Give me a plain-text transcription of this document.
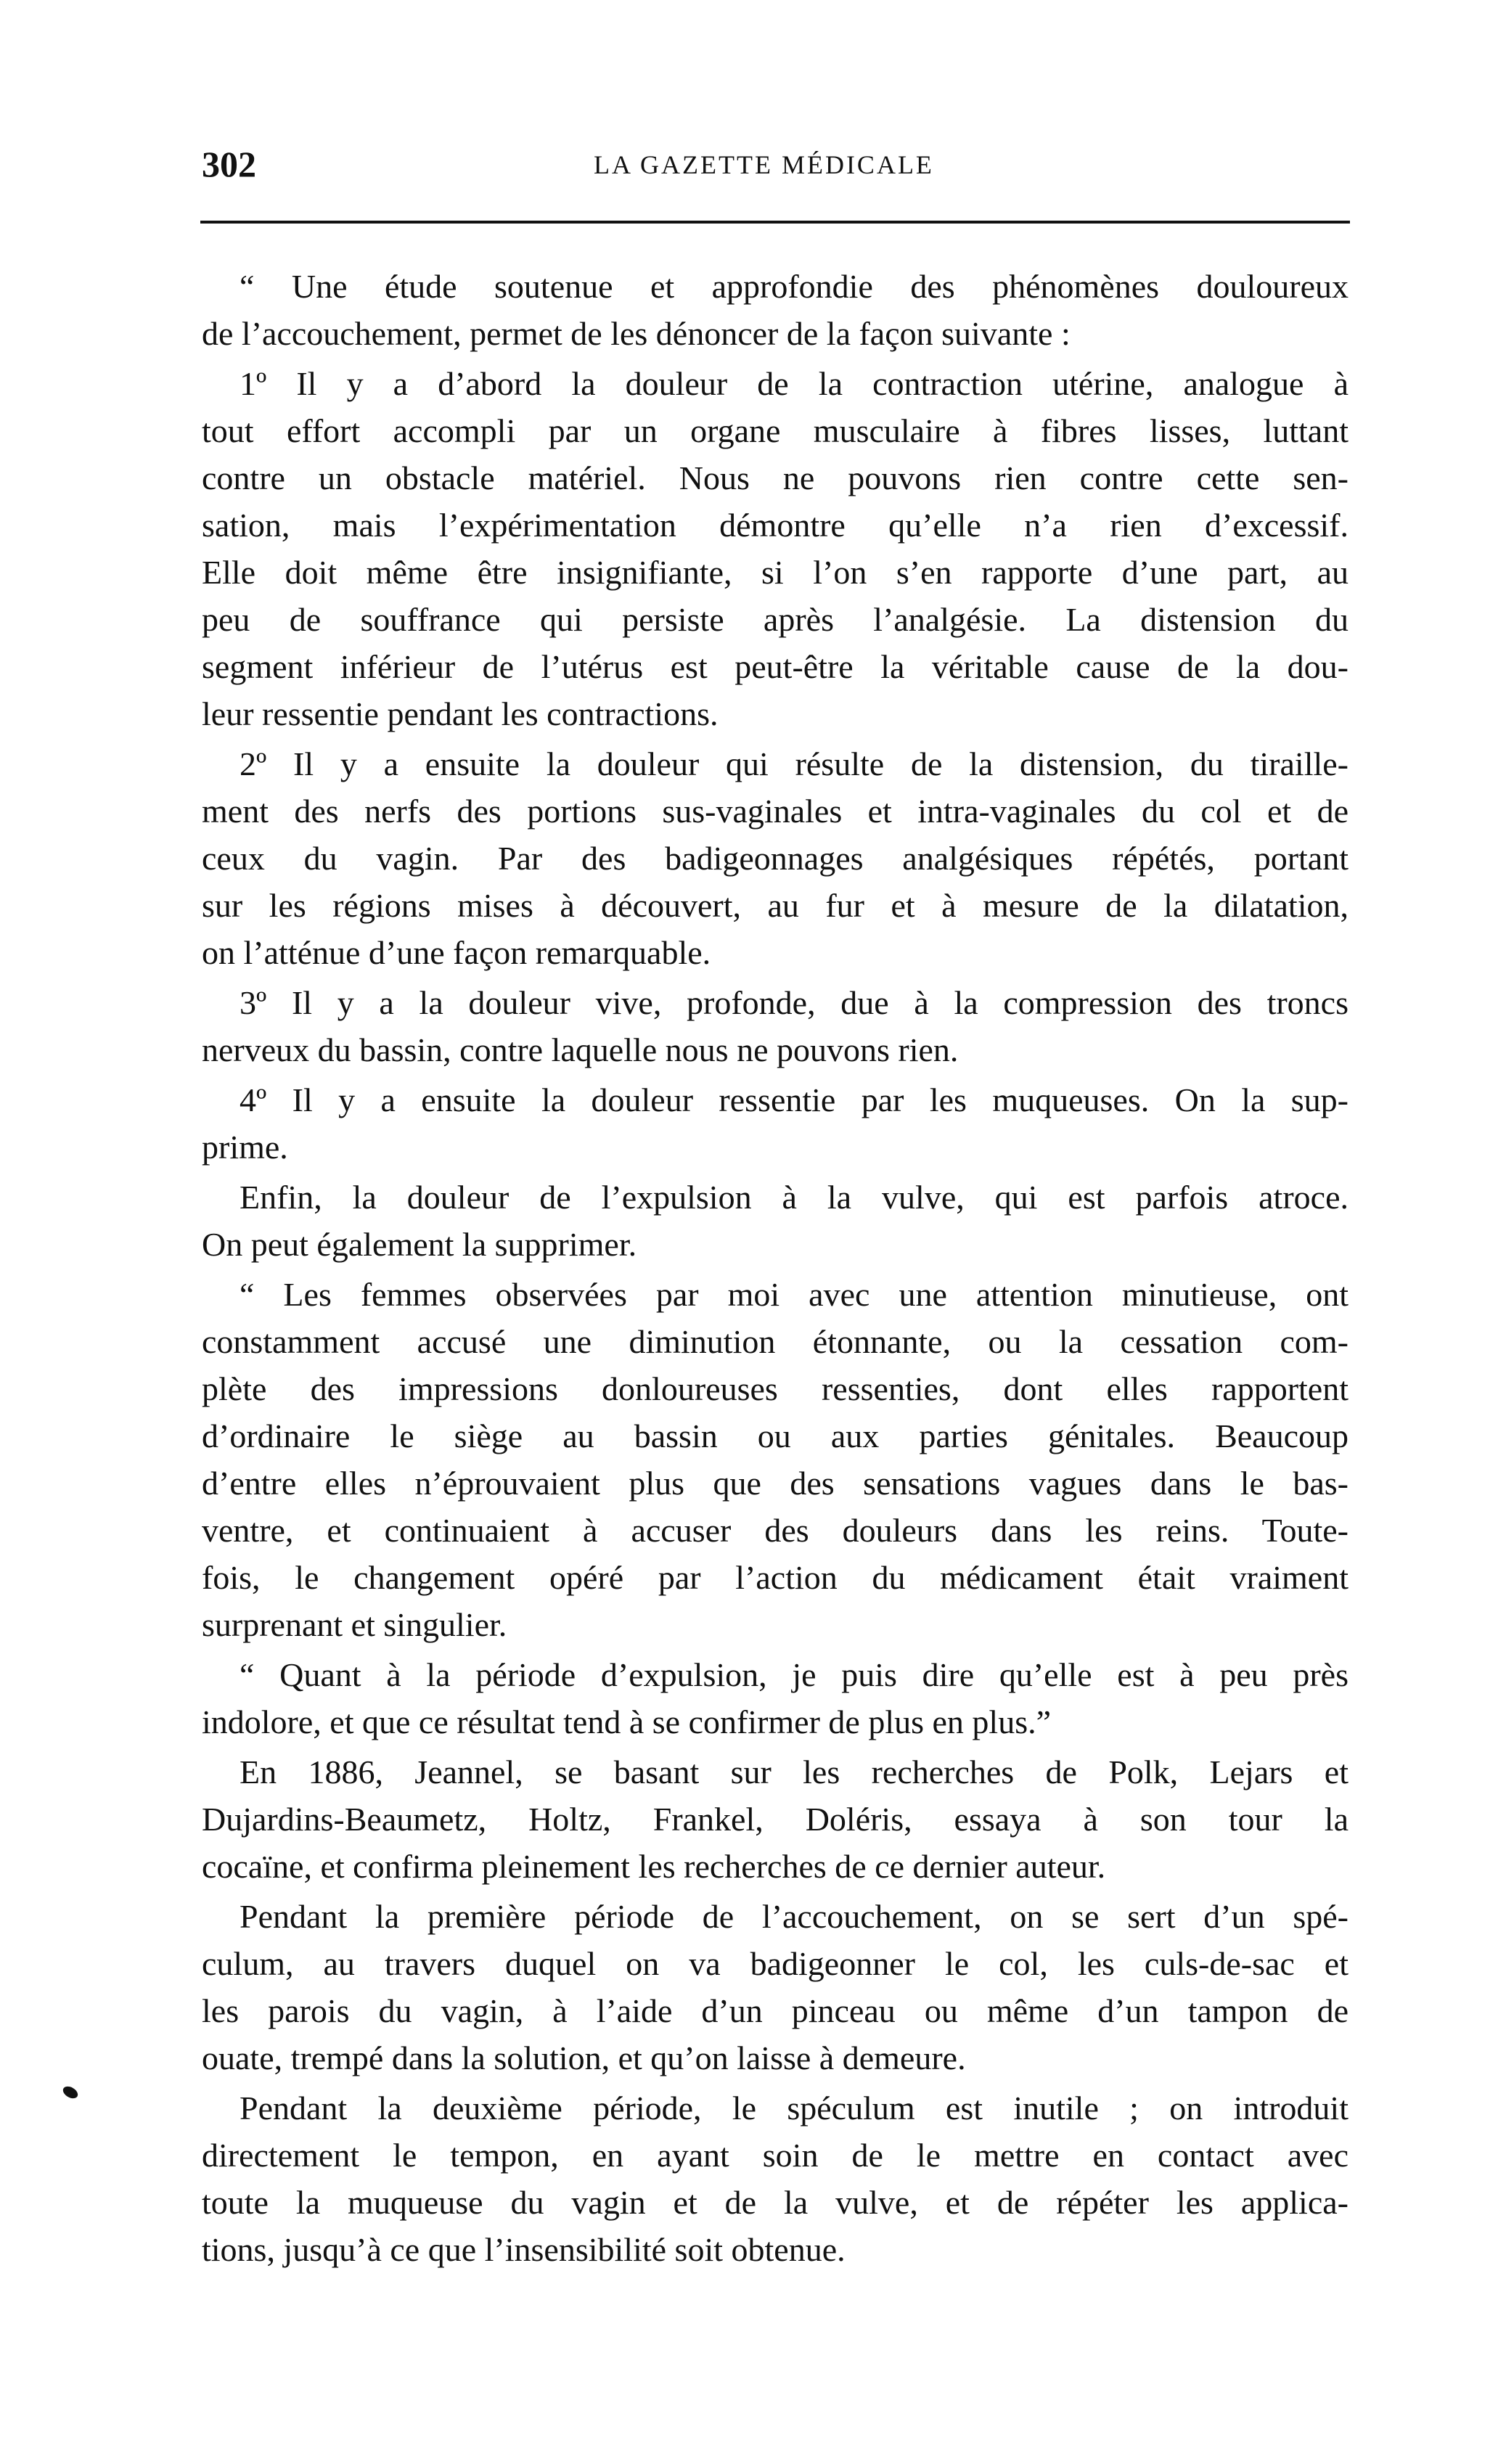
302	LA GAZETTE MÉDICALE
“ Une étude soutenue et approfondie des phénomènes douloureux
de l’accouchement, permet de les dénoncer de la façon suivante :
1º Il y a d’abord la douleur de la contraction utérine, analogue à
tout effort accompli par un organe musculaire à fibres lisses, luttant
contre un obstacle matériel. Nous ne pouvons rien contre cette sen-
sation, mais l’expérimentation démontre qu’elle n’a rien d’excessif.
Elle doit même être insignifiante, si l’on s’en rapporte d’une part, au
peu de souffrance qui persiste après l’analgésie. La distension du
segment inférieur de l’utérus est peut-être la véritable cause de la dou-
leur ressentie pendant les contractions.
2º Il y a ensuite la douleur qui résulte de la distension, du tiraille-
ment des nerfs des portions sus-vaginales et intra-vaginales du col et de
ceux du vagin. Par des badigeonnages analgésiques répétés, portant
sur les régions mises à découvert, au fur et à mesure de la dilatation,
on l’atténue d’une façon remarquable.
3º Il y a la douleur vive, profonde, due à la compression des troncs
nerveux du bassin, contre laquelle nous ne pouvons rien.
4º Il y a ensuite la douleur ressentie par les muqueuses. On la sup-
prime.
Enfin, la douleur de l’expulsion à la vulve, qui est parfois atroce.
On peut également la supprimer.
“ Les femmes observées par moi avec une attention minutieuse, ont
constamment accusé une diminution étonnante, ou la cessation com-
plète des impressions donloureuses ressenties, dont elles rapportent
d’ordinaire le siège au bassin ou aux parties génitales. Beaucoup
d’entre elles n’éprouvaient plus que des sensations vagues dans le bas-
ventre, et continuaient à accuser des douleurs dans les reins. Toute-
fois, le changement opéré par l’action du médicament était vraiment
surprenant et singulier.
“ Quant à la période d’expulsion, je puis dire qu’elle est à peu près
indolore, et que ce résultat tend à se confirmer de plus en plus.”
En 1886, Jeannel, se basant sur les recherches de Polk, Lejars et
Dujardins-Beaumetz, Holtz, Frankel, Doléris, essaya à son tour la
cocaïne, et confirma pleinement les recherches de ce dernier auteur.
Pendant la première période de l’accouchement, on se sert d’un spé-
culum, au travers duquel on va badigeonner le col, les culs-de-sac et
les parois du vagin, à l’aide d’un pinceau ou même d’un tampon de
ouate, trempé dans la solution, et qu’on laisse à demeure.
Pendant la deuxième période, le spéculum est inutile ; on introduit
directement le tempon, en ayant soin de le mettre en contact avec
toute la muqueuse du vagin et de la vulve, et de répéter les applica-
tions, jusqu’à ce que l’insensibilité soit obtenue.
